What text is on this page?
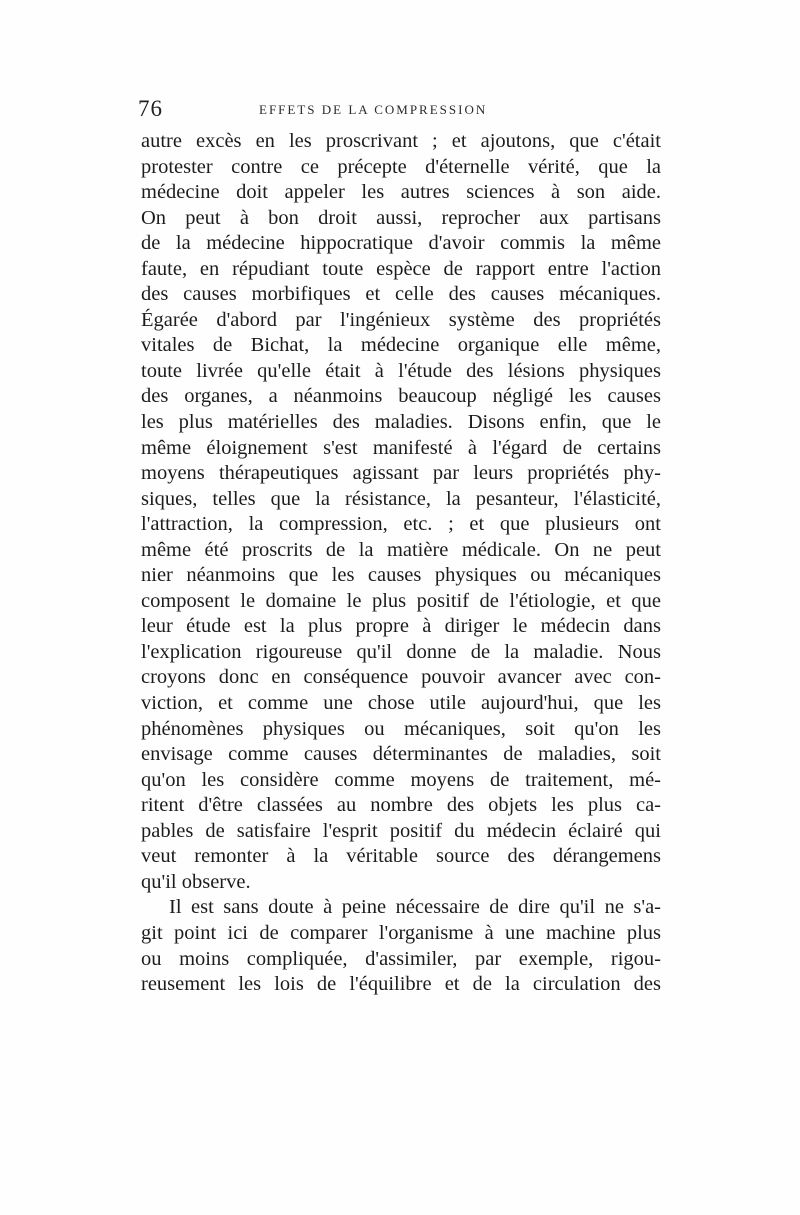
76	EFFETS DE LA COMPRESSION
autre excès en les proscrivant ; et ajoutons, que c'était
protester contre ce précepte d'éternelle vérité, que la
médecine doit appeler les autres sciences à son aide.
On peut à bon droit aussi, reprocher aux partisans
de la médecine hippocratique d'avoir commis la même
faute, en répudiant toute espèce de rapport entre l'action
des causes morbifiques et celle des causes mécaniques.
Égarée d'abord par l'ingénieux système des propriétés
vitales de Bichat, la médecine organique elle même,
toute livrée qu'elle était à l'étude des lésions physiques
des organes, a néanmoins beaucoup négligé les causes
les plus matérielles des maladies. Disons enfin, que le
même éloignement s'est manifesté à l'égard de certains
moyens thérapeutiques agissant par leurs propriétés phy-
siques, telles que la résistance, la pesanteur, l'élasticité,
l'attraction, la compression, etc. ; et que plusieurs ont
même été proscrits de la matière médicale. On ne peut
nier néanmoins que les causes physiques ou mécaniques
composent le domaine le plus positif de l'étiologie, et que
leur étude est la plus propre à diriger le médecin dans
l'explication rigoureuse qu'il donne de la maladie. Nous
croyons donc en conséquence pouvoir avancer avec con-
viction, et comme une chose utile aujourd'hui, que les
phénomènes physiques ou mécaniques, soit qu'on les
envisage comme causes déterminantes de maladies, soit
qu'on les considère comme moyens de traitement, mé-
ritent d'être classées au nombre des objets les plus ca-
pables de satisfaire l'esprit positif du médecin éclairé qui
veut remonter à la véritable source des dérangemens
qu'il observe.
Il est sans doute à peine nécessaire de dire qu'il ne s'a-
git point ici de comparer l'organisme à une machine plus
ou moins compliquée, d'assimiler, par exemple, rigou-
reusement les lois de l'équilibre et de la circulation des
